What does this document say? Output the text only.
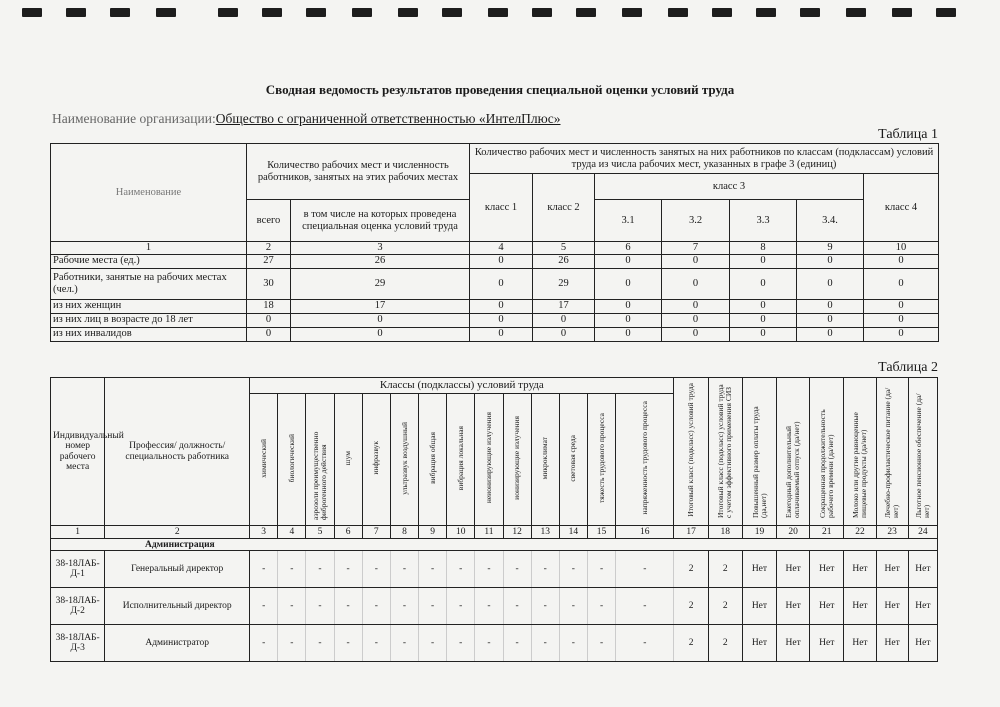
Сводная ведомость результатов проведения специальной оценки условий труда
Наименование организации:Общество с ограниченной ответственностью «ИнтелПлюс»
Таблица 1
Наименование	Количество рабочих мест и численность работников, занятых на этих рабочих местах		Количество рабочих мест и численность занятых на них работников по классам (подклассам) условий труда из числа рабочих мест, указанных в графе 3 (единиц)						
			класс 1	класс 2	класс 3				класс 4
	всего	в том числе на которых проведена специальная оценка условий труда			3.1	3.2	3.3	3.4.	
1	2	3	4	5	6	7	8	9	10
Рабочие места (ед.)	27	26	0	26	0	0	0	0	0
Работники, занятые на рабочих местах (чел.)	30	29	0	29	0	0	0	0	0
из них женщин	18	17	0	17	0	0	0	0	0
из них лиц в возрасте до 18 лет	0	0	0	0	0	0	0	0	0
из них инвалидов	0	0	0	0	0	0	0	0	0
Таблица 2
Индивидуальный номер рабочего места	Профессия/ должность/ специальность работника	Классы (подклассы) условий труда														Итоговый класс (подкласс) условий труда	Итоговый класс (подкласс) условий труда с учетом эффективного применения СИЗ	Повышенный размер оплаты труда (да,нет)	Ежегодный дополнительный оплачиваемый отпуск (да/нет)	Сокращенная продолжительность рабочего времени (да/нет)	Молоко или другие равноценные пищевые продукты (да/нет)	Лечебно-профилактическое питание (да/нет)	Льготное пенсионное обеспечение (да/нет)
		химический	биологический	аэрозоли преимущественно фиброгенного действия	шум	инфразвук	ультразвук воздушный	вибрация общая	вибрация локальная	неионизирующие излучения	ионизирующие излучения	микроклимат	световая среда	тяжесть трудового процесса	напряженность трудового процесса								
1	2	3	4	5	6	7	8	9	10	11	12	13	14	15	16	17	18	19	20	21	22	23	24
Администрация																							
38-18ЛАБ-Д-1	Генеральный директор	-	-	-	-	-	-	-	-	-	-	-	-	-	-	2	2	Нет	Нет	Нет	Нет	Нет	Нет
38-18ЛАБ-Д-2	Исполнительный директор	-	-	-	-	-	-	-	-	-	-	-	-	-	-	2	2	Нет	Нет	Нет	Нет	Нет	Нет
38-18ЛАБ-Д-3	Администратор	-	-	-	-	-	-	-	-	-	-	-	-	-	-	2	2	Нет	Нет	Нет	Нет	Нет	Нет
